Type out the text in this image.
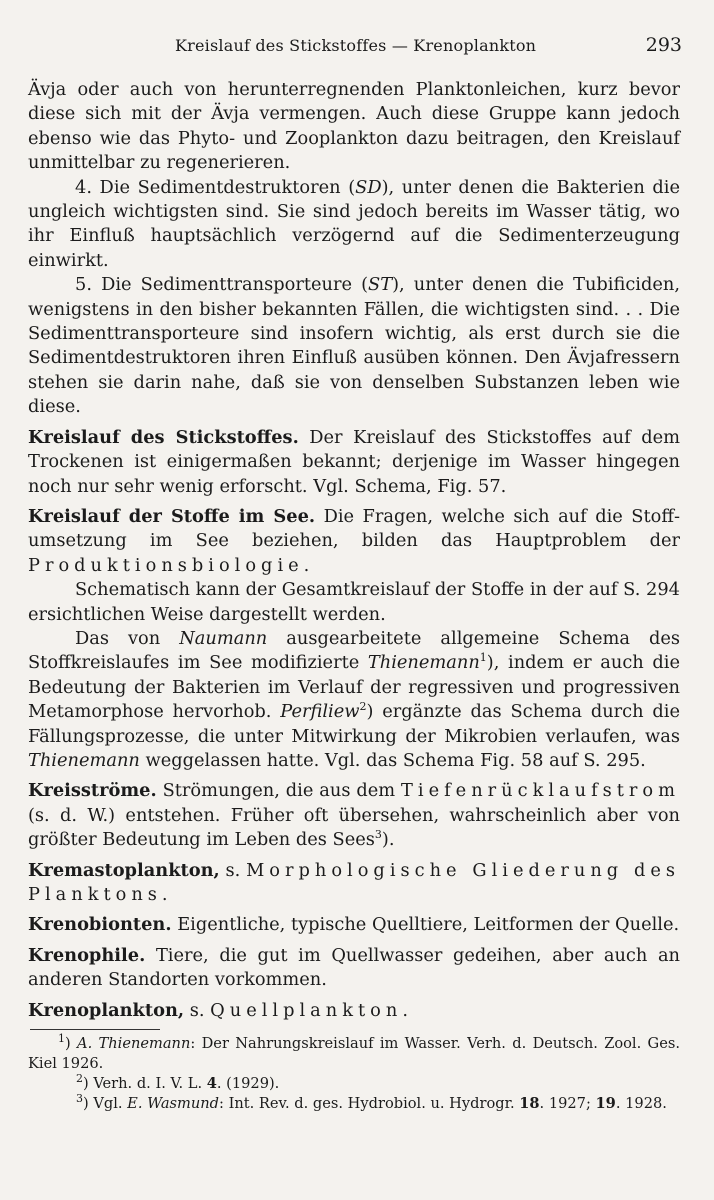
Kreislauf des Stickstoffes — Krenoplankton	293

Ävja oder auch von herunterregnenden Planktonleichen, kurz bevor diese sich mit der Ävja vermengen. Auch diese Gruppe kann jedoch ebenso wie das Phyto- und Zooplankton dazu beitragen, den Kreislauf unmittelbar zu regenerieren.

4. Die Sedimentdestruktoren (SD), unter denen die Bakterien die ungleich wichtigsten sind. Sie sind jedoch bereits im Wasser tätig, wo ihr Einfluß hauptsächlich verzögernd auf die Sedimenterzeugung einwirkt.

5. Die Sedimenttransporteure (ST), unter denen die Tubificiden, wenigstens in den bisher bekannten Fällen, die wichtigsten sind. . . Die Sedimenttransporteure sind insofern wichtig, als erst durch sie die Sedimentdestruktoren ihren Einfluß ausüben können. Den Ävjafressern stehen sie darin nahe, daß sie von denselben Substanzen leben wie diese.

Kreislauf des Stickstoffes. Der Kreislauf des Stickstoffes auf dem Trockenen ist einigermaßen bekannt; derjenige im Wasser hingegen noch nur sehr wenig erforscht. Vgl. Schema, Fig. 57.

Kreislauf der Stoffe im See. Die Fragen, welche sich auf die Stoffumsetzung im See beziehen, bilden das Hauptproblem der Produktionsbiologie.

Schematisch kann der Gesamtkreislauf der Stoffe in der auf S. 294 ersichtlichen Weise dargestellt werden.

Das von Naumann ausgearbeitete allgemeine Schema des Stoffkreislaufes im See modifizierte Thienemann$^1$), indem er auch die Bedeutung der Bakterien im Verlauf der regressiven und progressiven Metamorphose hervorhob. Perfiliew$^2$) ergänzte das Schema durch die Fällungsprozesse, die unter Mitwirkung der Mikrobien verlaufen, was Thienemann weggelassen hatte. Vgl. das Schema Fig. 58 auf S. 295.

Kreisströme. Strömungen, die aus dem Tiefenrücklaufstrom (s. d. W.) entstehen. Früher oft übersehen, wahrscheinlich aber von größter Bedeutung im Leben des Sees$^3$).

Kremastoplankton, s. Morphologische Gliederung des Planktons.

Krenobionten. Eigentliche, typische Quelltiere, Leitformen der Quelle.

Krenophile. Tiere, die gut im Quellwasser gedeihen, aber auch an anderen Standorten vorkommen.

Krenoplankton, s. Quellplankton.

$^1$) A. Thienemann: Der Nahrungskreislauf im Wasser. Verh. d. Deutsch. Zool. Ges. Kiel 1926.

$^2$) Verh. d. I. V. L. 4. (1929).

$^3$) Vgl. E. Wasmund: Int. Rev. d. ges. Hydrobiol. u. Hydrogr. 18. 1927; 19. 1928.
